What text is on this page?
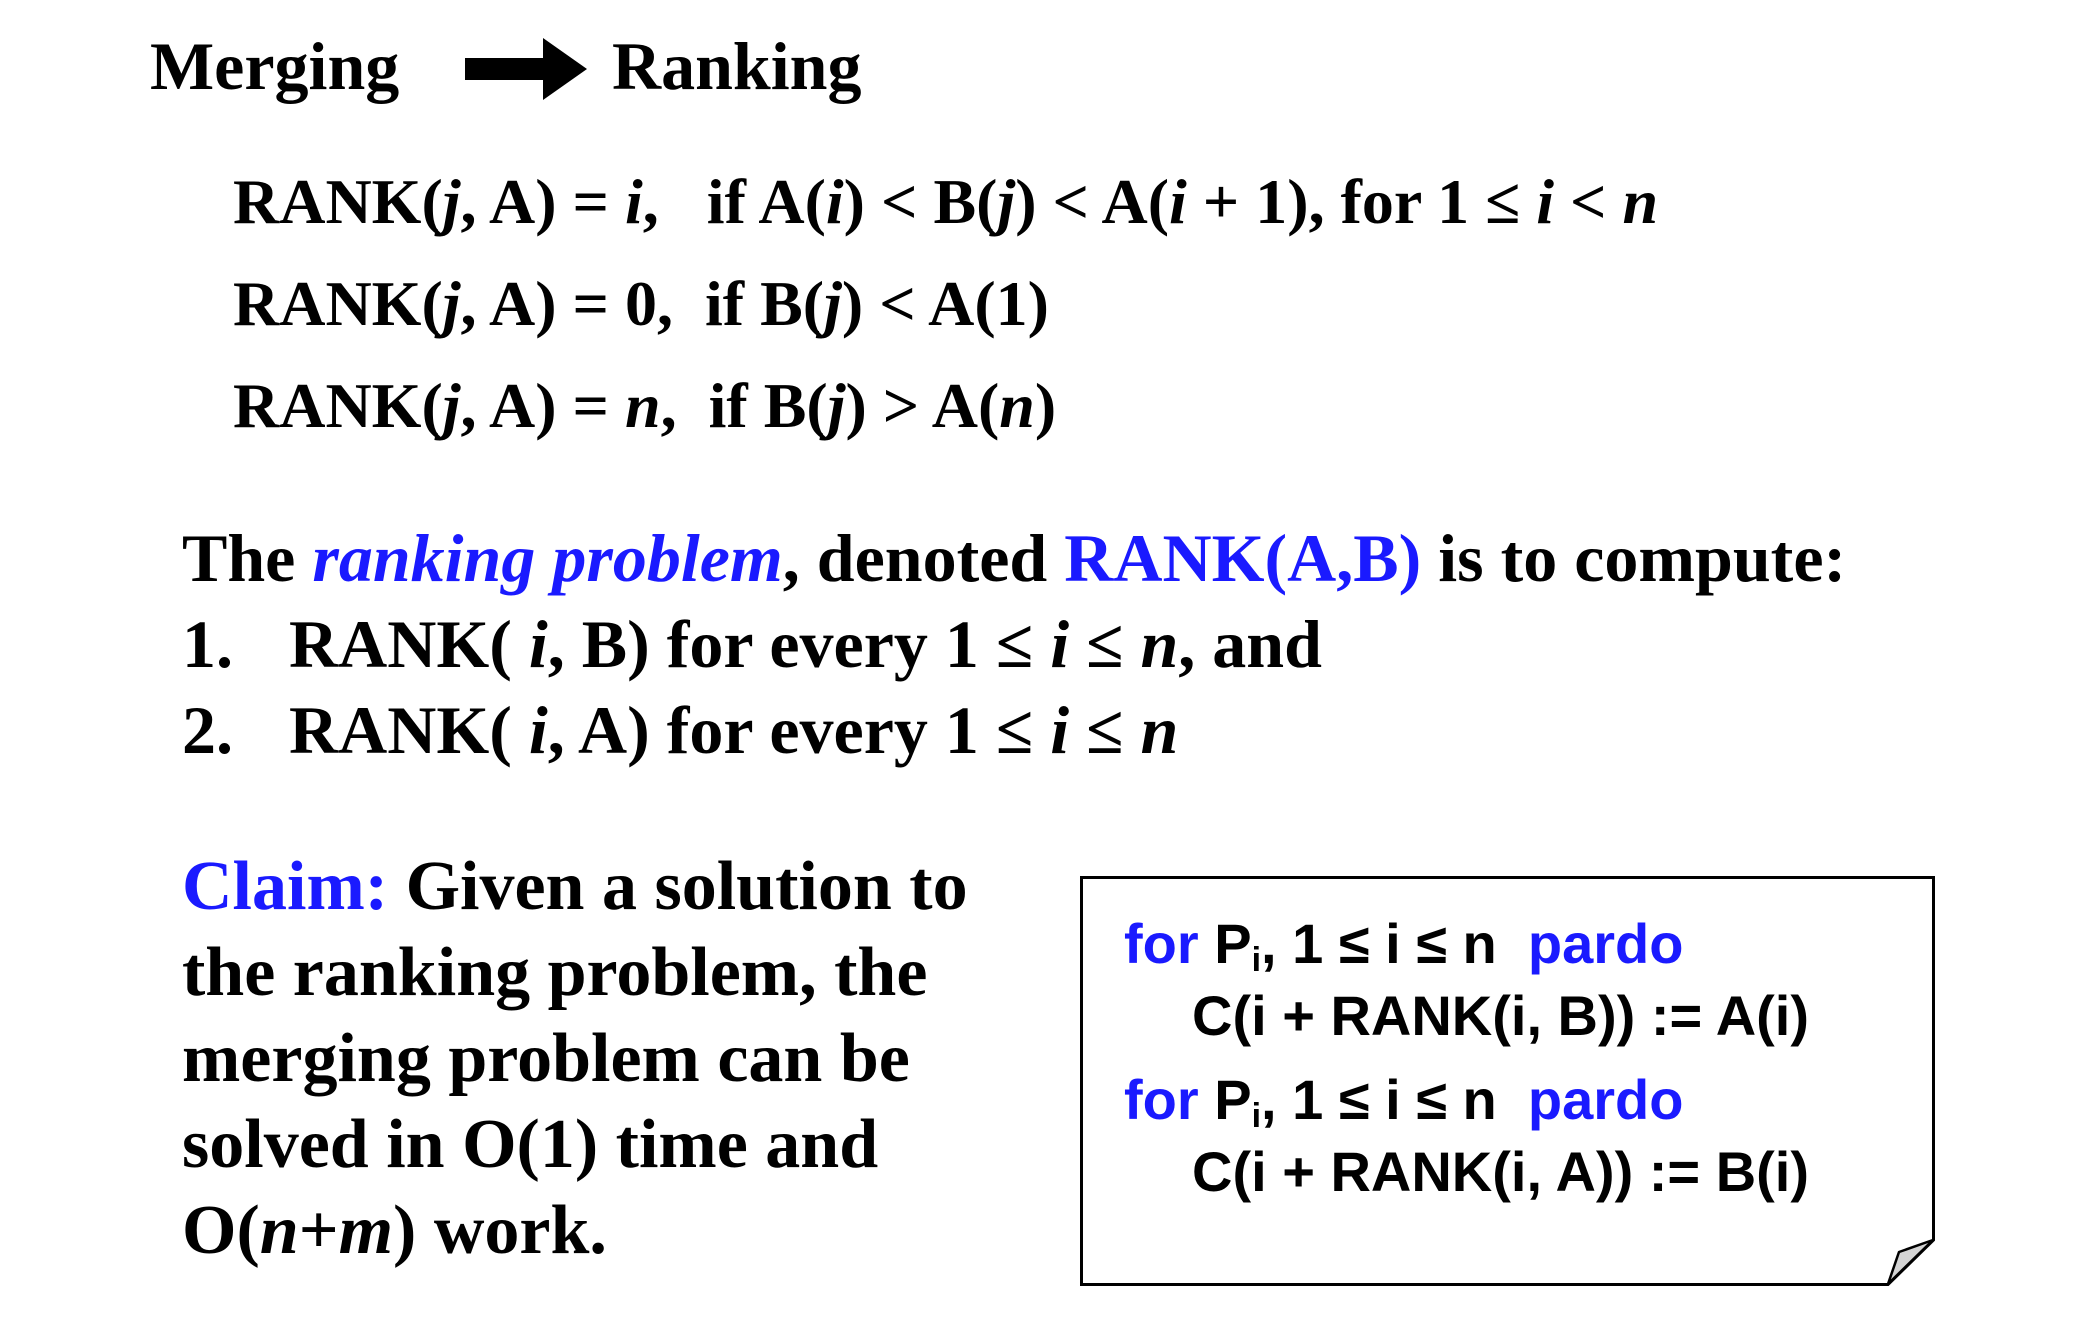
Merging	Ranking
RANK(j, A) = i,   if A(i) < B(j) < A(i + 1), for 1 ≤ i < n
RANK(j, A) = 0,  if B(j) < A(1)
RANK(j, A) = n,  if B(j) > A(n)
The ranking problem, denoted RANK(A,B) is to compute:
1. RANK( i, B) for every 1 ≤ i ≤ n, and
2. RANK( i, A) for every 1 ≤ i ≤ n
Claim: Given a solution to
the ranking problem, the
merging problem can be
solved in O(1) time and
O(n+m) work.
for $P_i$, 1 ≤ i ≤ n  pardo
C(i + RANK(i, B)) := A(i)
for $P_i$, 1 ≤ i ≤ n  pardo
C(i + RANK(i, A)) := B(i)
